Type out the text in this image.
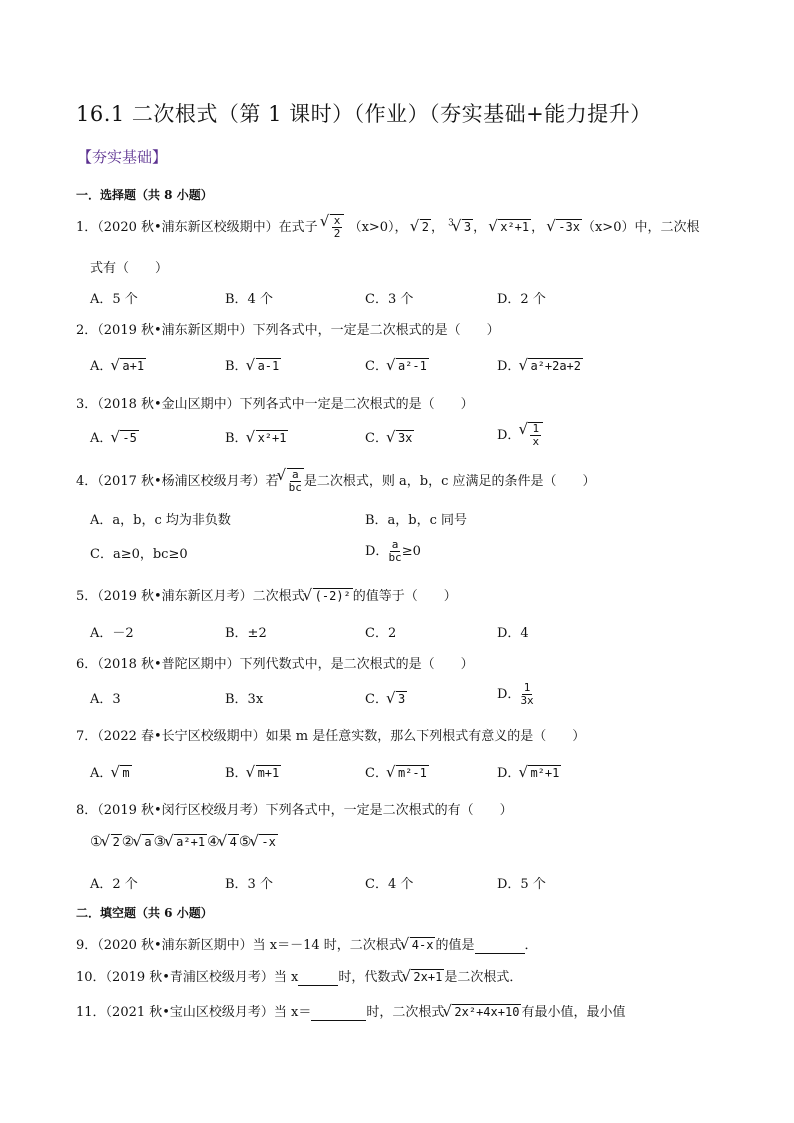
16.1 二次根式（第 1 课时）（作业）（夯实基础+能力提升）
【夯实基础】
一．选择题（共 8 小题）
1．（2020 秋•浦东新区校级期中）在式子 √ $\frac{x}{2} (x>0)$， √ 2 ， $^3$ √ 3 ， √ x²+1 ， √ -3x （x>0）中，二次根
式有（　　）
A．5 个	B．4 个	C．3 个	D．2 个
2．（2019 秋•浦东新区期中）下列各式中，一定是二次根式的是（　　）
A． √ a+1	B． √ a-1	C． √ a²-1	D． √ a²+2a+2
3．（2018 秋•金山区期中）下列各式中一定是二次根式的是（　　）
A． √ -5	B． √ x²+1	C． √ 3x	D． √ $\frac{1}{x}$
4．（2017 秋•杨浦区校级月考）若 √ $\frac{a}{bc}$ 是二次根式，则 a，b，c 应满足的条件是（　　）
A．a，b，c 均为非负数	B．a，b，c 同号
C．a≥0，bc≥0	D． $\frac{a}{bc} \ge 0$
5．（2019 秋•浦东新区月考）二次根式 √ (-2)² 的值等于（　　）
A．－2	B．±2	C．2	D．4
6．（2018 秋•普陀区期中）下列代数式中，是二次根式的是（　　）
A．3	B．3x	C． √ 3	D． $\frac{1}{3x}$
7．（2022 春•长宁区校级期中）如果 m 是任意实数，那么下列根式有意义的是（　　）
A． √ m	B． √ m+1	C． √ m²-1	D． √ m²+1
8．（2019 秋•闵行区校级月考）下列各式中，一定是二次根式的有（　　）
① √ 2 ② √ a ③ √ a²+1 ④ √ 4 ⑤ √ -x
A．2 个	B．3 个	C．4 个	D．5 个
二．填空题（共 6 小题）
9．（2020 秋•浦东新区期中）当 x＝－14 时，二次根式 √ 4-x 的值是	．
10．（2019 秋•青浦区校级月考）当 x	时，代数式 √ 2x+1 是二次根式．
11．（2021 秋•宝山区校级月考）当 x＝	时，二次根式 √ 2x²+4x+10 有最小值，最小值
